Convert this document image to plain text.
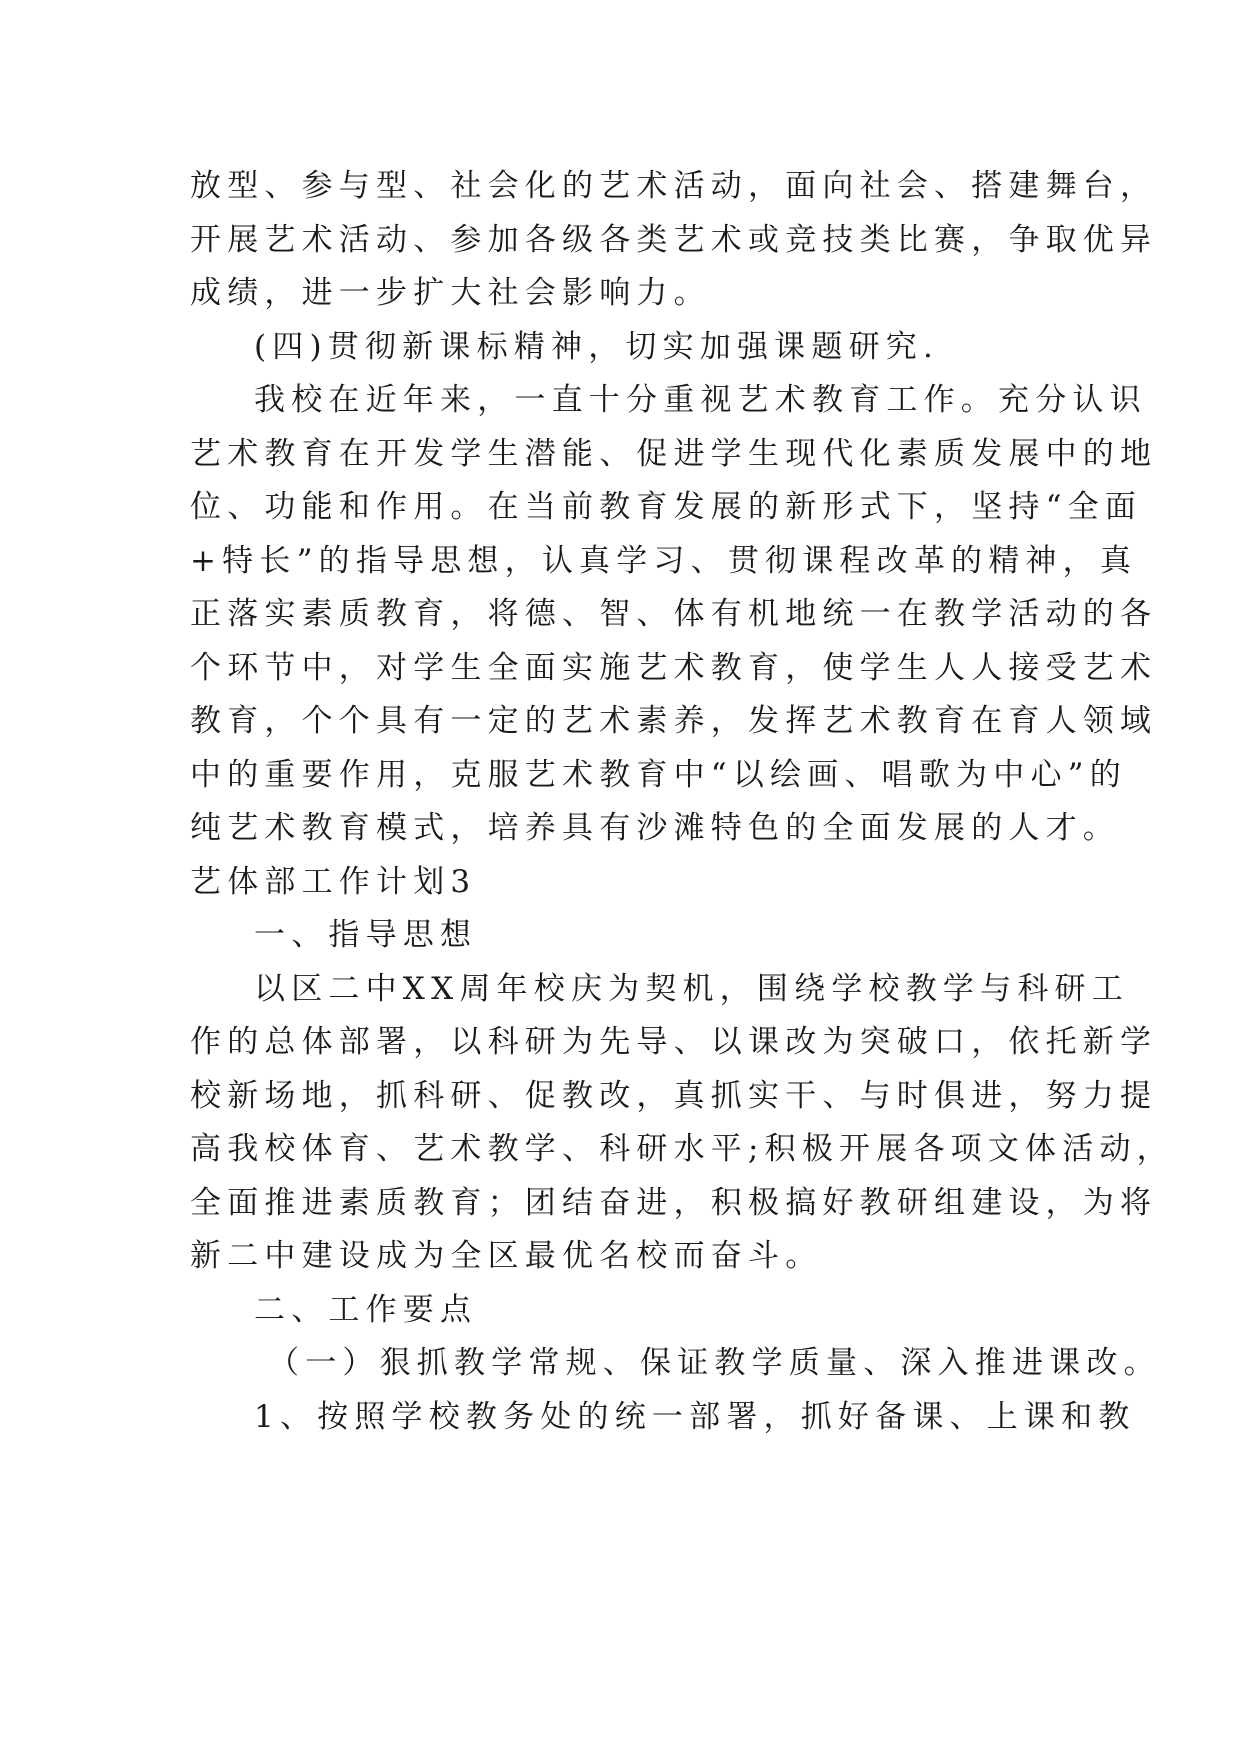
放型、参与型、社会化的艺术活动，面向社会、搭建舞台，
开展艺术活动、参加各级各类艺术或竞技类比赛，争取优异
成绩，进一步扩大社会影响力。
(四)贯彻新课标精神，切实加强课题研究.
我校在近年来，一直十分重视艺术教育工作。充分认识
艺术教育在开发学生潜能、促进学生现代化素质发展中的地
位、功能和作用。在当前教育发展的新形式下，坚持“全面
+特长”的指导思想，认真学习、贯彻课程改革的精神，真
正落实素质教育，将德、智、体有机地统一在教学活动的各
个环节中，对学生全面实施艺术教育，使学生人人接受艺术
教育，个个具有一定的艺术素养，发挥艺术教育在育人领域
中的重要作用，克服艺术教育中“以绘画、唱歌为中心”的
纯艺术教育模式，培养具有沙滩特色的全面发展的人才。
艺体部工作计划3
一、指导思想
以区二中XX周年校庆为契机，围绕学校教学与科研工
作的总体部署，以科研为先导、以课改为突破口，依托新学
校新场地，抓科研、促教改，真抓实干、与时俱进，努力提
高我校体育、艺术教学、科研水平;积极开展各项文体活动，
全面推进素质教育；团结奋进，积极搞好教研组建设，为将
新二中建设成为全区最优名校而奋斗。
二、工作要点
（一）狠抓教学常规、保证教学质量、深入推进课改。
1、按照学校教务处的统一部署，抓好备课、上课和教
